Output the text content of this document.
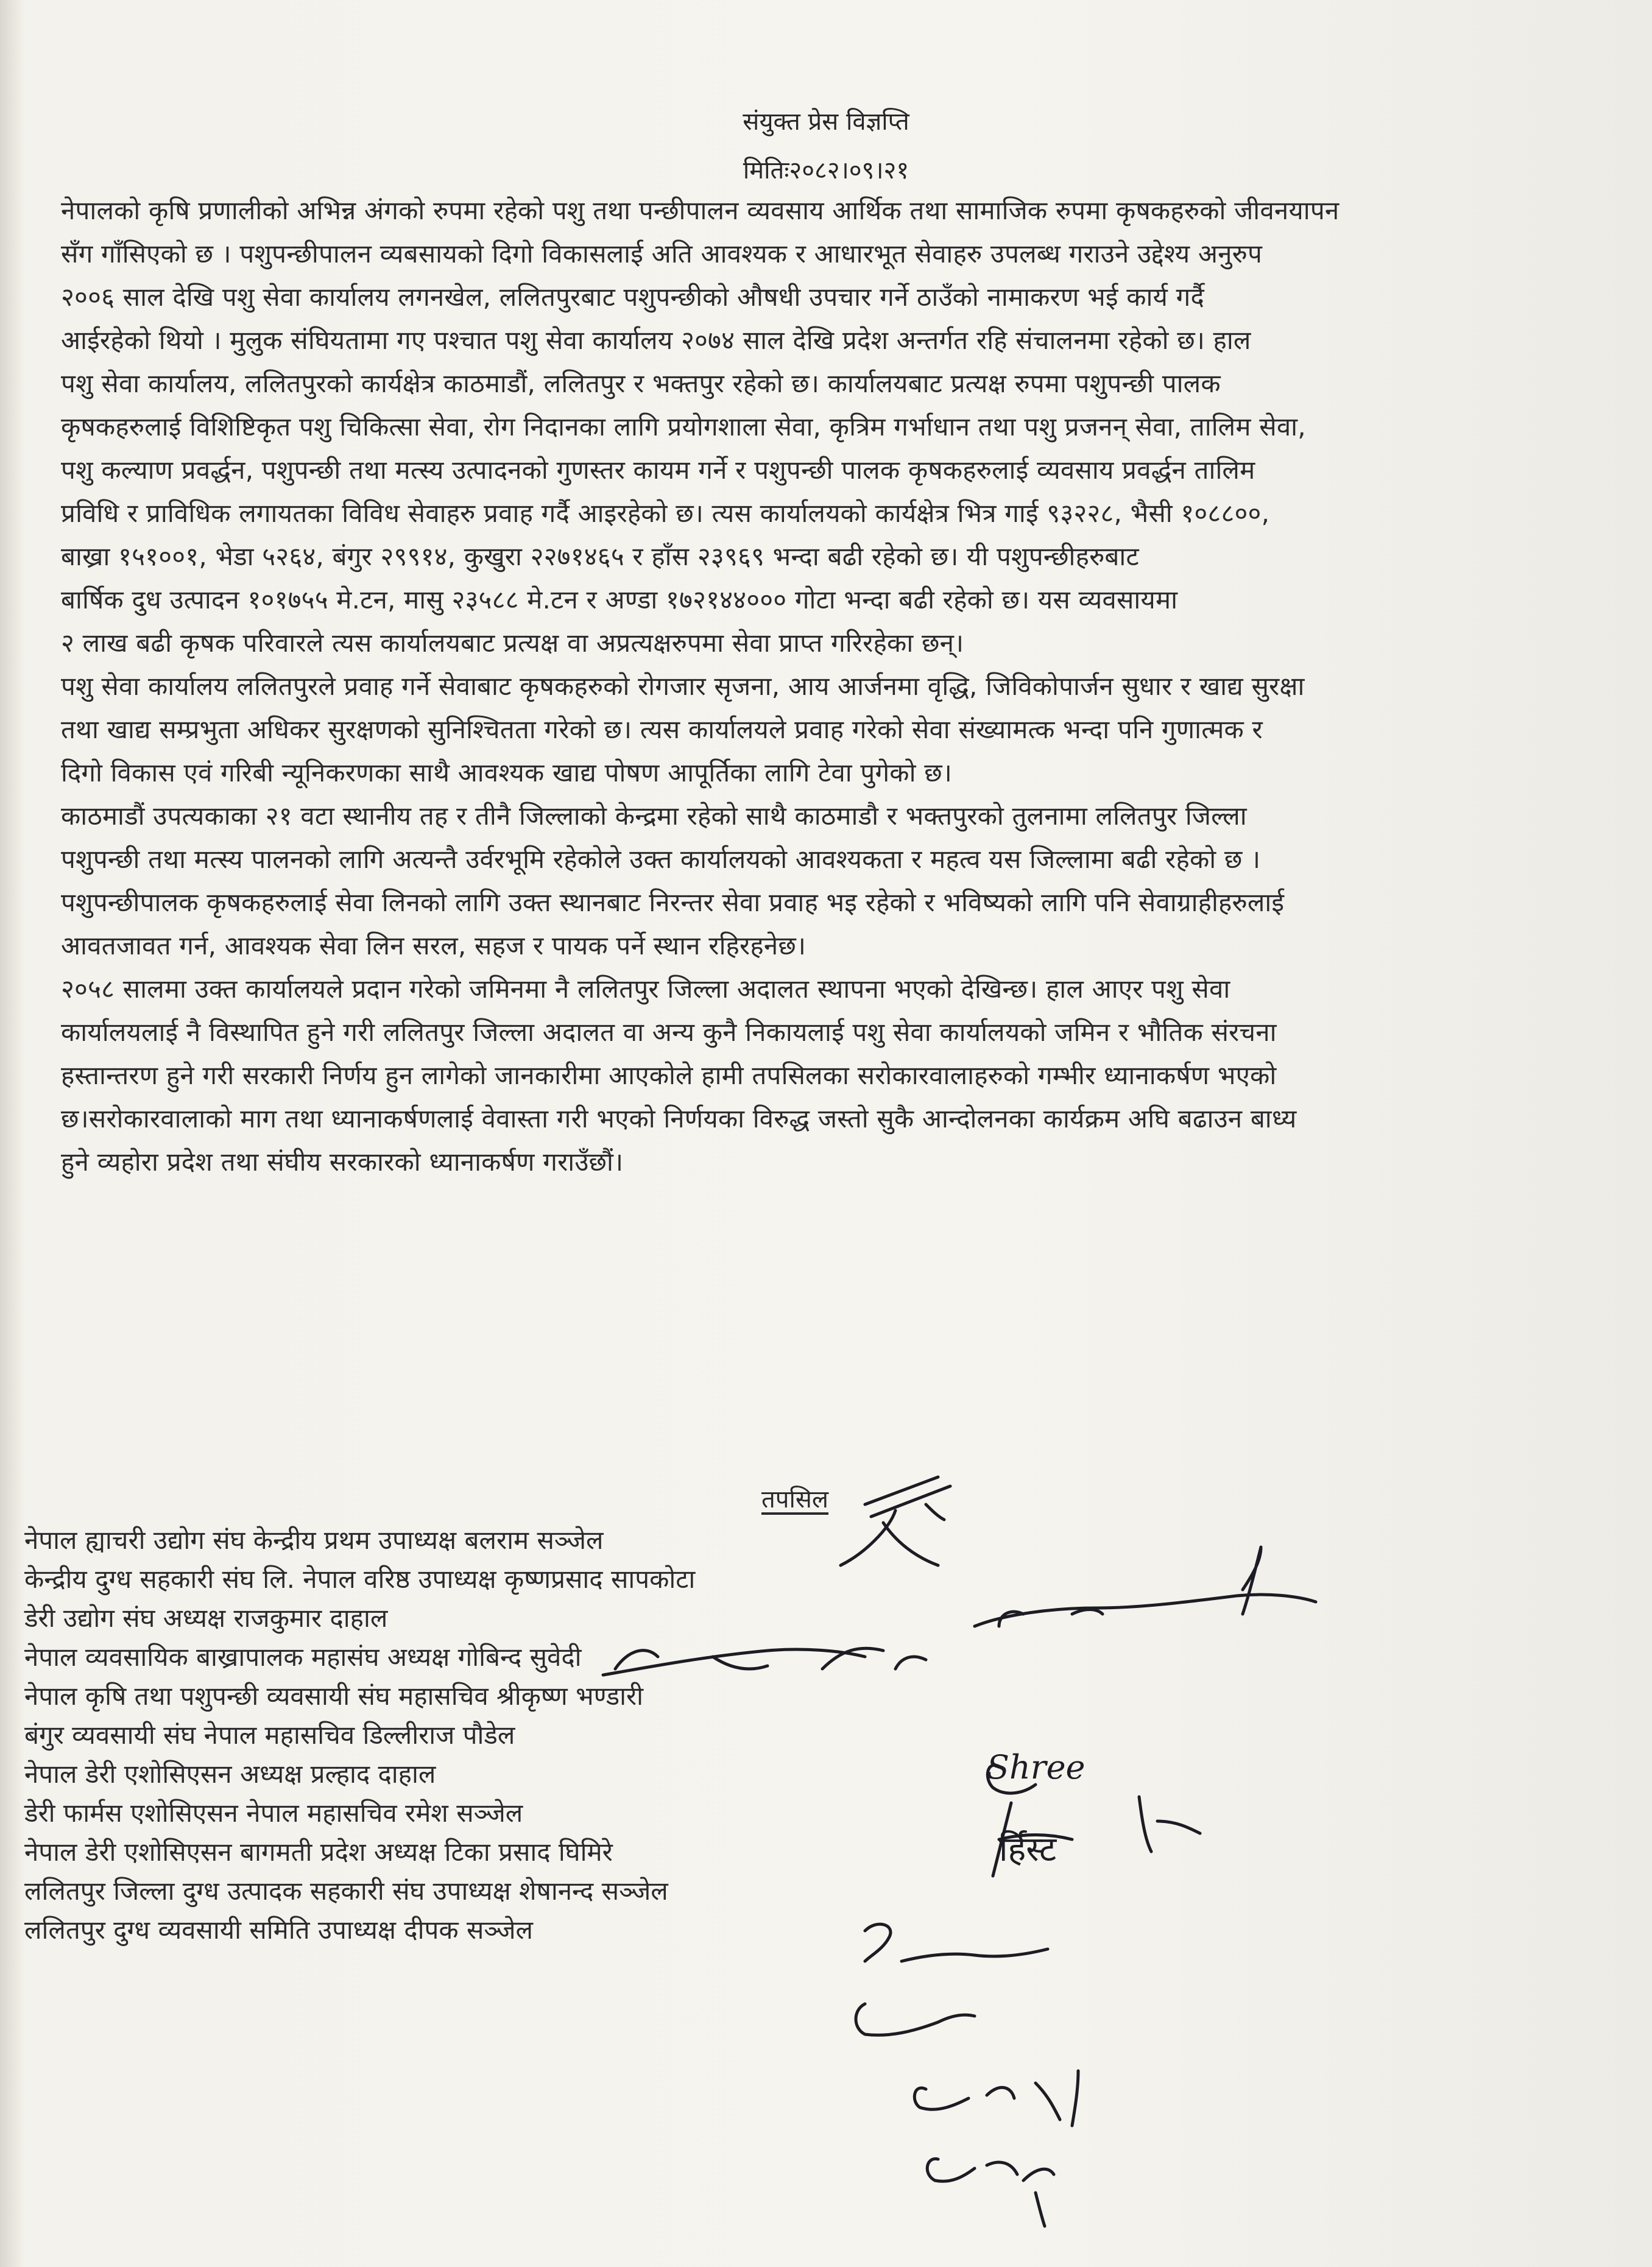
संयुक्त प्रेस विज्ञप्ति
मितिः२०८२।०९।२१
नेपालको कृषि प्रणालीको अभिन्न अंगको रुपमा रहेको पशु तथा पन्छीपालन व्यवसाय आर्थिक तथा सामाजिक रुपमा कृषकहरुको जीवनयापन
सँग गाँसिएको छ । पशुपन्छीपालन व्यबसायको दिगो विकासलाई अति आवश्यक र आधारभूत सेवाहरु उपलब्ध गराउने उद्देश्य अनुरुप
२००६ साल देखि पशु सेवा कार्यालय लगनखेल, ललितपुरबाट पशुपन्छीको औषधी उपचार गर्ने ठाउँको नामाकरण भई कार्य गर्दै
आईरहेको थियो । मुलुक संघियतामा गए पश्चात पशु सेवा कार्यालय २०७४ साल देखि प्रदेश अन्तर्गत रहि संचालनमा रहेको छ। हाल
पशु सेवा कार्यालय, ललितपुरको कार्यक्षेत्र काठमाडौं, ललितपुर र भक्तपुर रहेको छ। कार्यालयबाट प्रत्यक्ष रुपमा पशुपन्छी पालक
कृषकहरुलाई विशिष्टिकृत पशु चिकित्सा सेवा, रोग निदानका लागि प्रयोगशाला सेवा, कृत्रिम गर्भाधान तथा पशु प्रजनन् सेवा, तालिम सेवा,
पशु कल्याण प्रवर्द्धन, पशुपन्छी तथा मत्स्य उत्पादनको गुणस्तर कायम गर्ने र पशुपन्छी पालक कृषकहरुलाई व्यवसाय प्रवर्द्धन तालिम
प्रविधि र प्राविधिक लगायतका विविध सेवाहरु प्रवाह गर्दै आइरहेको छ। त्यस कार्यालयको कार्यक्षेत्र भित्र गाई ९३२२८, भैसी १०८८००,
बाख्रा १५१००१, भेडा ५२६४, बंगुर २९९१४, कुखुरा २२७१४६५ र हाँस २३९६९ भन्दा बढी रहेको छ। यी पशुपन्छीहरुबाट
बार्षिक दुध उत्पादन १०१७५५ मे.टन, मासु २३५८८ मे.टन र अण्डा १७२१४४००० गोटा भन्दा बढी रहेको छ। यस व्यवसायमा
२ लाख बढी कृषक परिवारले त्यस कार्यालयबाट प्रत्यक्ष वा अप्रत्यक्षरुपमा सेवा प्राप्त गरिरहेका छन्।
पशु सेवा कार्यालय ललितपुरले प्रवाह गर्ने सेवाबाट कृषकहरुको रोगजार सृजना, आय आर्जनमा वृद्धि, जिविकोपार्जन सुधार र खाद्य सुरक्षा
तथा खाद्य सम्प्रभुता अधिकर सुरक्षणको सुनिश्चितता गरेको छ। त्यस कार्यालयले प्रवाह गरेको सेवा संख्यामत्क भन्दा पनि गुणात्मक र
दिगो विकास एवं गरिबी न्यूनिकरणका साथै आवश्यक खाद्य पोषण आपूर्तिका लागि टेवा पुगेको छ।
काठमाडौं उपत्यकाका २१ वटा स्थानीय तह र तीनै जिल्लाको केन्द्रमा रहेको साथै काठमाडौ र भक्तपुरको तुलनामा ललितपुर जिल्ला
पशुपन्छी तथा मत्स्य पालनको लागि अत्यन्तै उर्वरभूमि रहेकोले उक्त कार्यालयको आवश्यकता र महत्व यस जिल्लामा बढी रहेको छ ।
पशुपन्छीपालक कृषकहरुलाई सेवा लिनको लागि उक्त स्थानबाट निरन्तर सेवा प्रवाह भइ रहेको र भविष्यको लागि पनि सेवाग्राहीहरुलाई
आवतजावत गर्न, आवश्यक सेवा लिन सरल, सहज र पायक पर्ने स्थान रहिरहनेछ।
२०५८ सालमा उक्त कार्यालयले प्रदान गरेको जमिनमा नै ललितपुर जिल्ला अदालत स्थापना भएको देखिन्छ। हाल आएर पशु सेवा
कार्यालयलाई नै विस्थापित हुने गरी ललितपुर जिल्ला अदालत वा अन्य कुनै निकायलाई पशु सेवा कार्यालयको जमिन र भौतिक संरचना
हस्तान्तरण हुने गरी सरकारी निर्णय हुन लागेको जानकारीमा आएकोले हामी तपसिलका सरोकारवालाहरुको गम्भीर ध्यानाकर्षण भएको
छ।सरोकारवालाको माग तथा ध्यानाकर्षणलाई वेवास्ता गरी भएको निर्णयका विरुद्ध जस्तो सुकै आन्दोलनका कार्यक्रम अघि बढाउन बाध्य
हुने व्यहोरा प्रदेश तथा संघीय सरकारको ध्यानाकर्षण गराउँछौं।
तपसिल
नेपाल ह्याचरी उद्योग संघ केन्द्रीय प्रथम उपाध्यक्ष बलराम सञ्जेल
केन्द्रीय दुग्ध सहकारी संघ लि. नेपाल वरिष्ठ उपाध्यक्ष कृष्णप्रसाद सापकोटा
डेरी उद्योग संघ अध्यक्ष राजकुमार दाहाल
नेपाल व्यवसायिक बाख्रापालक महासंघ अध्यक्ष गोबिन्द सुवेदी
नेपाल कृषि तथा पशुपन्छी व्यवसायी संघ महासचिव श्रीकृष्ण भण्डारी
बंगुर व्यवसायी संघ नेपाल महासचिव डिल्लीराज पौडेल
नेपाल डेरी एशोसिएसन अध्यक्ष प्रल्हाद दाहाल
डेरी फार्मस एशोसिएसन नेपाल महासचिव रमेश सञ्जेल
नेपाल डेरी एशोसिएसन बागमती प्रदेश अध्यक्ष टिका प्रसाद घिमिरे
ललितपुर जिल्ला दुग्ध उत्पादक सहकारी संघ उपाध्यक्ष शेषानन्द सञ्जेल
ललितपुर दुग्ध व्यवसायी समिति उपाध्यक्ष दीपक सञ्जेल
Shree
र्हिस्ट
